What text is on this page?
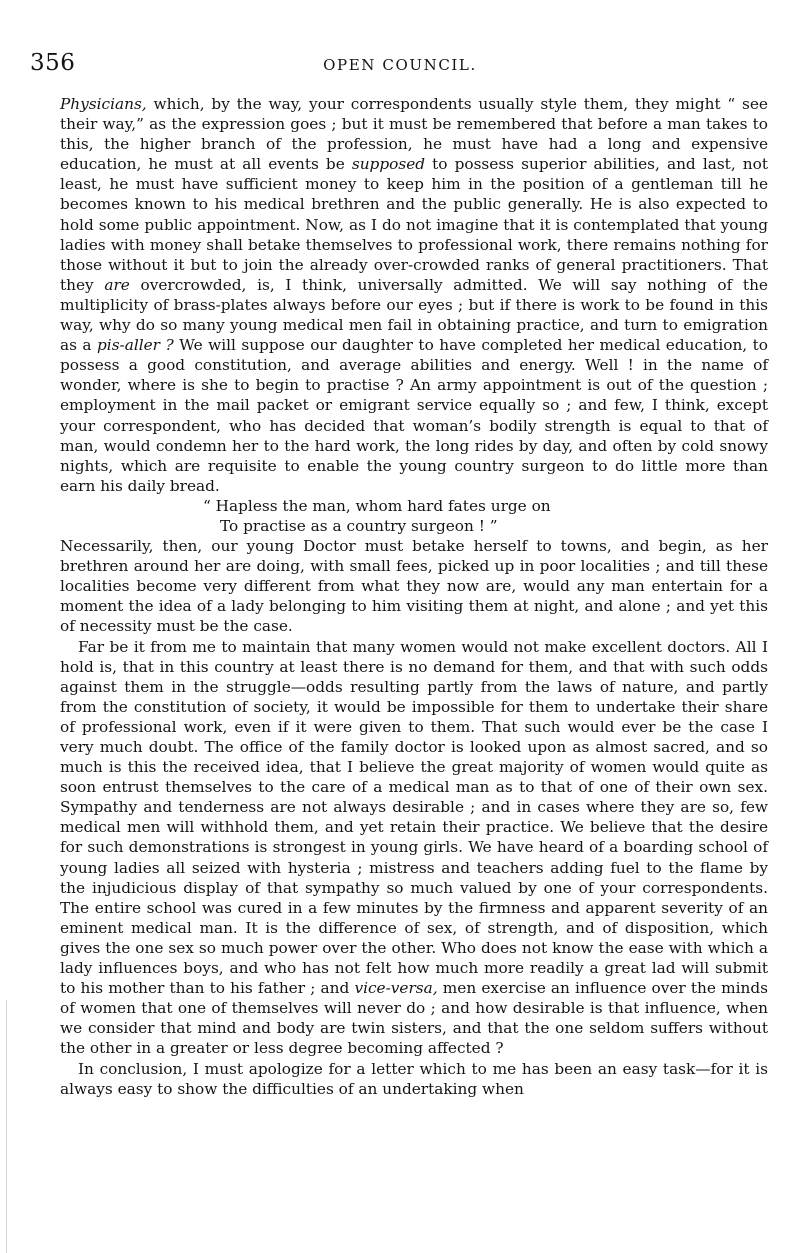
356	OPEN COUNCIL.

Physicians, which, by the way, your correspondents usually style them, they might “ see their way,” as the expression goes ; but it must be remembered that before a man takes to this, the higher branch of the profession, he must have had a long and expensive education, he must at all events be supposed to possess superior abilities, and last, not least, he must have sufficient money to keep him in the position of a gentleman till he becomes known to his medical brethren and the public generally. He is also expected to hold some public appointment. Now, as I do not imagine that it is contemplated that young ladies with money shall betake themselves to professional work, there remains nothing for those without it but to join the already over-crowded ranks of general practitioners. That they are overcrowded, is, I think, universally admitted. We will say nothing of the multiplicity of brass-plates always before our eyes ; but if there is work to be found in this way, why do so many young medical men fail in obtaining practice, and turn to emigration as a pis-aller ? We will suppose our daughter to have completed her medical education, to possess a good constitution, and average abilities and energy. Well ! in the name of wonder, where is she to begin to practise ? An army appointment is out of the question ; employment in the mail packet or emigrant service equally so ; and few, I think, except your correspondent, who has decided that woman’s bodily strength is equal to that of man, would condemn her to the hard work, the long rides by day, and often by cold snowy nights, which are requisite to enable the young country surgeon to do little more than earn his daily bread.

“ Hapless the man, whom hard fates urge on
To practise as a country surgeon ! ”

Necessarily, then, our young Doctor must betake herself to towns, and begin, as her brethren around her are doing, with small fees, picked up in poor localities ; and till these localities become very different from what they now are, would any man entertain for a moment the idea of a lady belonging to him visiting them at night, and alone ; and yet this of necessity must be the case.

Far be it from me to maintain that many women would not make excellent doctors. All I hold is, that in this country at least there is no demand for them, and that with such odds against them in the struggle—odds resulting partly from the laws of nature, and partly from the constitution of society, it would be impossible for them to undertake their share of professional work, even if it were given to them. That such would ever be the case I very much doubt. The office of the family doctor is looked upon as almost sacred, and so much is this the received idea, that I believe the great majority of women would quite as soon entrust themselves to the care of a medical man as to that of one of their own sex. Sympathy and tenderness are not always desirable ; and in cases where they are so, few medical men will withhold them, and yet retain their practice. We believe that the desire for such demonstrations is strongest in young girls. We have heard of a boarding school of young ladies all seized with hysteria ; mistress and teachers adding fuel to the flame by the injudicious display of that sympathy so much valued by one of your correspondents. The entire school was cured in a few minutes by the firmness and apparent severity of an eminent medical man. It is the difference of sex, of strength, and of disposition, which gives the one sex so much power over the other. Who does not know the ease with which a lady influences boys, and who has not felt how much more readily a great lad will submit to his mother than to his father ; and vice-versa, men exercise an influence over the minds of women that one of themselves will never do ; and how desirable is that influence, when we consider that mind and body are twin sisters, and that the one seldom suffers without the other in a greater or less degree becoming affected ?

In conclusion, I must apologize for a letter which to me has been an easy task—for it is always easy to show the difficulties of an undertaking when
